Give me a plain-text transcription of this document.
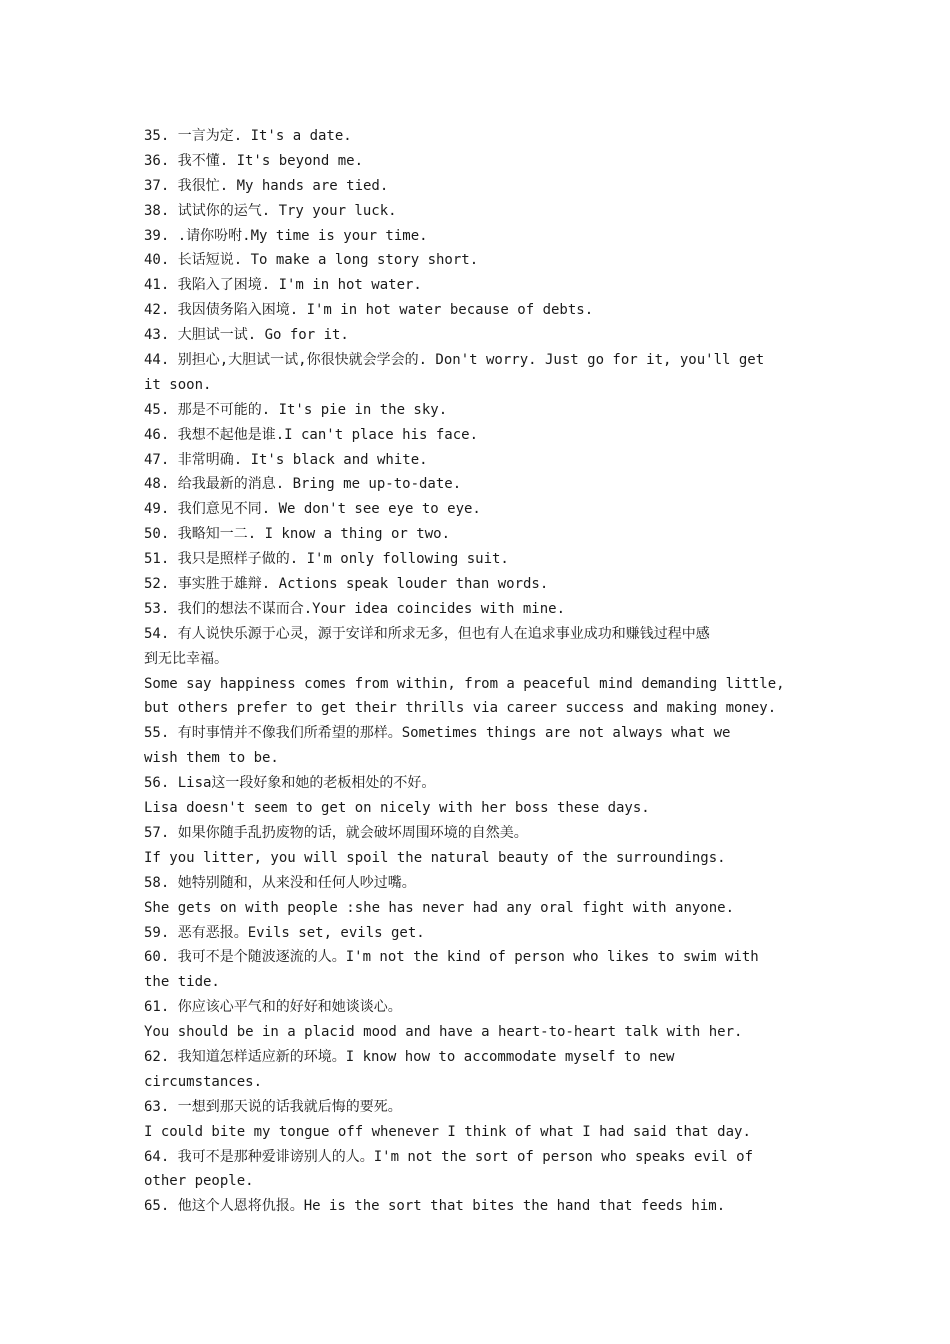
35. 一言为定. It's a date.
36. 我不懂. It's beyond me.
37. 我很忙. My hands are tied.
38. 试试你的运气. Try your luck.
39. .请你吩咐.My time is your time.
40. 长话短说. To make a long story short.
41. 我陷入了困境. I'm in hot water.
42. 我因债务陷入困境. I'm in hot water because of debts.
43. 大胆试一试. Go for it.
44. 别担心,大胆试一试,你很快就会学会的. Don't worry. Just go for it, you'll get
it soon.
45. 那是不可能的. It's pie in the sky.
46. 我想不起他是谁.I can't place his face.
47. 非常明确. It's black and white.
48. 给我最新的消息. Bring me up-to-date.
49. 我们意见不同. We don't see eye to eye.
50. 我略知一二. I know a thing or two.
51. 我只是照样子做的. I'm only following suit.
52. 事实胜于雄辩. Actions speak louder than words.
53. 我们的想法不谋而合.Your idea coincides with mine.
54. 有人说快乐源于心灵，源于安详和所求无多，但也有人在追求事业成功和赚钱过程中感
到无比幸福。
Some say happiness comes from within, from a peaceful mind demanding little,
but others prefer to get their thrills via career success and making money.
55. 有时事情并不像我们所希望的那样。Sometimes things are not always what we
wish them to be.
56. Lisa这一段好象和她的老板相处的不好。
Lisa doesn't seem to get on nicely with her boss these days.
57. 如果你随手乱扔废物的话，就会破坏周围环境的自然美。
If you litter, you will spoil the natural beauty of the surroundings.
58. 她特别随和，从来没和任何人吵过嘴。
She gets on with people :she has never had any oral fight with anyone.
59. 恶有恶报。Evils set, evils get.
60. 我可不是个随波逐流的人。I'm not the kind of person who likes to swim with
the tide.
61. 你应该心平气和的好好和她谈谈心。
You should be in a placid mood and have a heart-to-heart talk with her.
62. 我知道怎样适应新的环境。I know how to accommodate myself to new
circumstances.
63. 一想到那天说的话我就后悔的要死。
I could bite my tongue off whenever I think of what I had said that day.
64. 我可不是那种爱诽谤别人的人。I'm not the sort of person who speaks evil of
other people.
65. 他这个人恩将仇报。He is the sort that bites the hand that feeds him.
